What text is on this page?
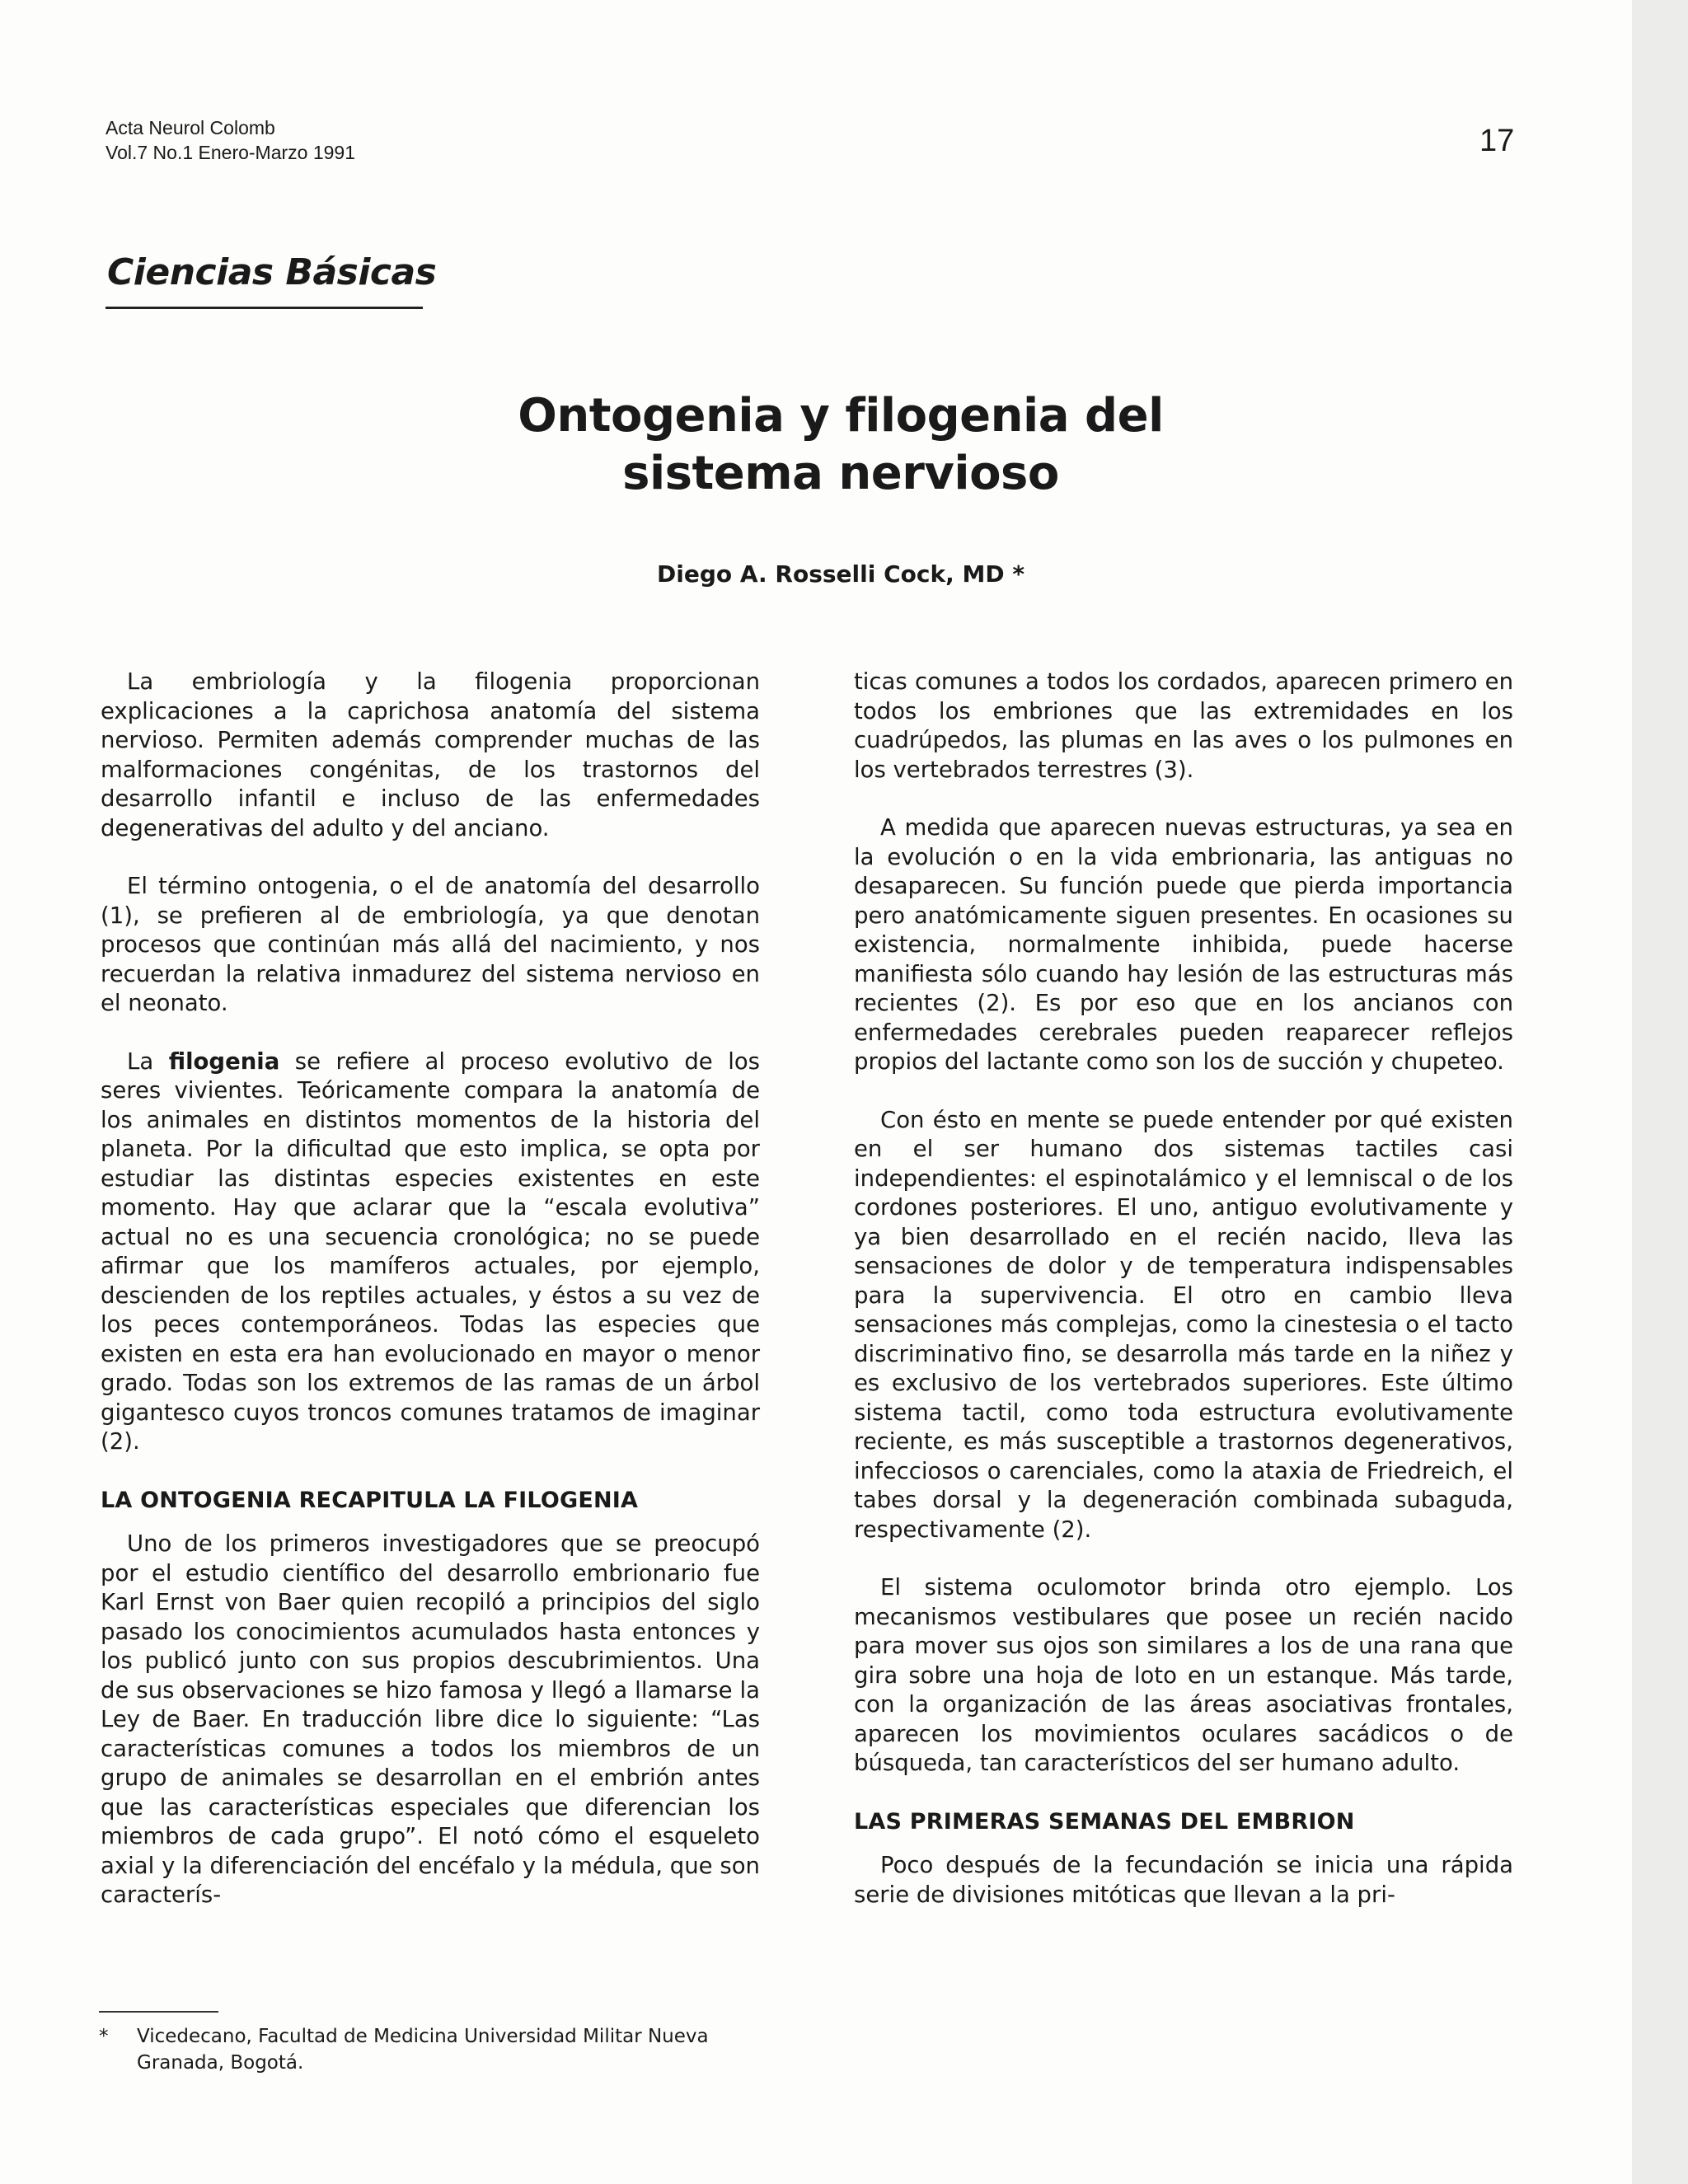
Acta Neurol Colomb
Vol.7 No.1 Enero-Marzo 1991	17
Ciencias Básicas
Ontogenia y filogenia del
sistema nervioso
Diego A. Rosselli Cock, MD *

La embriología y la filogenia proporcionan explicaciones a la caprichosa anatomía del sistema nervioso. Permiten además comprender muchas de las malformaciones congénitas, de los trastornos del desarrollo infantil e incluso de las enfermedades degenerativas del adulto y del anciano.

El término ontogenia, o el de anatomía del desarrollo (1), se prefieren al de embriología, ya que denotan procesos que continúan más allá del nacimiento, y nos recuerdan la relativa inmadurez del sistema nervioso en el neonato.

La filogenia se refiere al proceso evolutivo de los seres vivientes. Teóricamente compara la anatomía de los animales en distintos momentos de la historia del planeta. Por la dificultad que esto implica, se opta por estudiar las distintas especies existentes en este momento. Hay que aclarar que la “escala evolutiva” actual no es una secuencia cronológica; no se puede afirmar que los mamíferos actuales, por ejemplo, descienden de los reptiles actuales, y éstos a su vez de los peces contemporáneos. Todas las especies que existen en esta era han evolucionado en mayor o menor grado. Todas son los extremos de las ramas de un árbol gigantesco cuyos troncos comunes tratamos de imaginar (2).

LA ONTOGENIA RECAPITULA LA FILOGENIA

Uno de los primeros investigadores que se preocupó por el estudio científico del desarrollo embrionario fue Karl Ernst von Baer quien recopiló a principios del siglo pasado los conocimientos acumulados hasta entonces y los publicó junto con sus propios descubrimientos. Una de sus observaciones se hizo famosa y llegó a llamarse la Ley de Baer. En traducción libre dice lo siguiente: “Las características comunes a todos los miembros de un grupo de animales se desarrollan en el embrión antes que las características especiales que diferencian los miembros de cada grupo”. El notó cómo el esqueleto axial y la diferenciación del encéfalo y la médula, que son caracterís-

ticas comunes a todos los cordados, aparecen primero en todos los embriones que las extremidades en los cuadrúpedos, las plumas en las aves o los pulmones en los vertebrados terrestres (3).

A medida que aparecen nuevas estructuras, ya sea en la evolución o en la vida embrionaria, las antiguas no desaparecen. Su función puede que pierda importancia pero anatómicamente siguen presentes. En ocasiones su existencia, normalmente inhibida, puede hacerse manifiesta sólo cuando hay lesión de las estructuras más recientes (2). Es por eso que en los ancianos con enfermedades cerebrales pueden reaparecer reflejos propios del lactante como son los de succión y chupeteo.

Con ésto en mente se puede entender por qué existen en el ser humano dos sistemas tactiles casi independientes: el espinotalámico y el lemniscal o de los cordones posteriores. El uno, antiguo evolutivamente y ya bien desarrollado en el recién nacido, lleva las sensaciones de dolor y de temperatura indispensables para la supervivencia. El otro en cambio lleva sensaciones más complejas, como la cinestesia o el tacto discriminativo fino, se desarrolla más tarde en la niñez y es exclusivo de los vertebrados superiores. Este último sistema tactil, como toda estructura evolutivamente reciente, es más susceptible a trastornos degenerativos, infecciosos o carenciales, como la ataxia de Friedreich, el tabes dorsal y la degeneración combinada subaguda, respectivamente (2).

El sistema oculomotor brinda otro ejemplo. Los mecanismos vestibulares que posee un recién nacido para mover sus ojos son similares a los de una rana que gira sobre una hoja de loto en un estanque. Más tarde, con la organización de las áreas asociativas frontales, aparecen los movimientos oculares sacádicos o de búsqueda, tan característicos del ser humano adulto.

LAS PRIMERAS SEMANAS DEL EMBRION

Poco después de la fecundación se inicia una rápida serie de divisiones mitóticas que llevan a la pri-

* Vicedecano, Facultad de Medicina Universidad Militar Nueva Granada, Bogotá.
